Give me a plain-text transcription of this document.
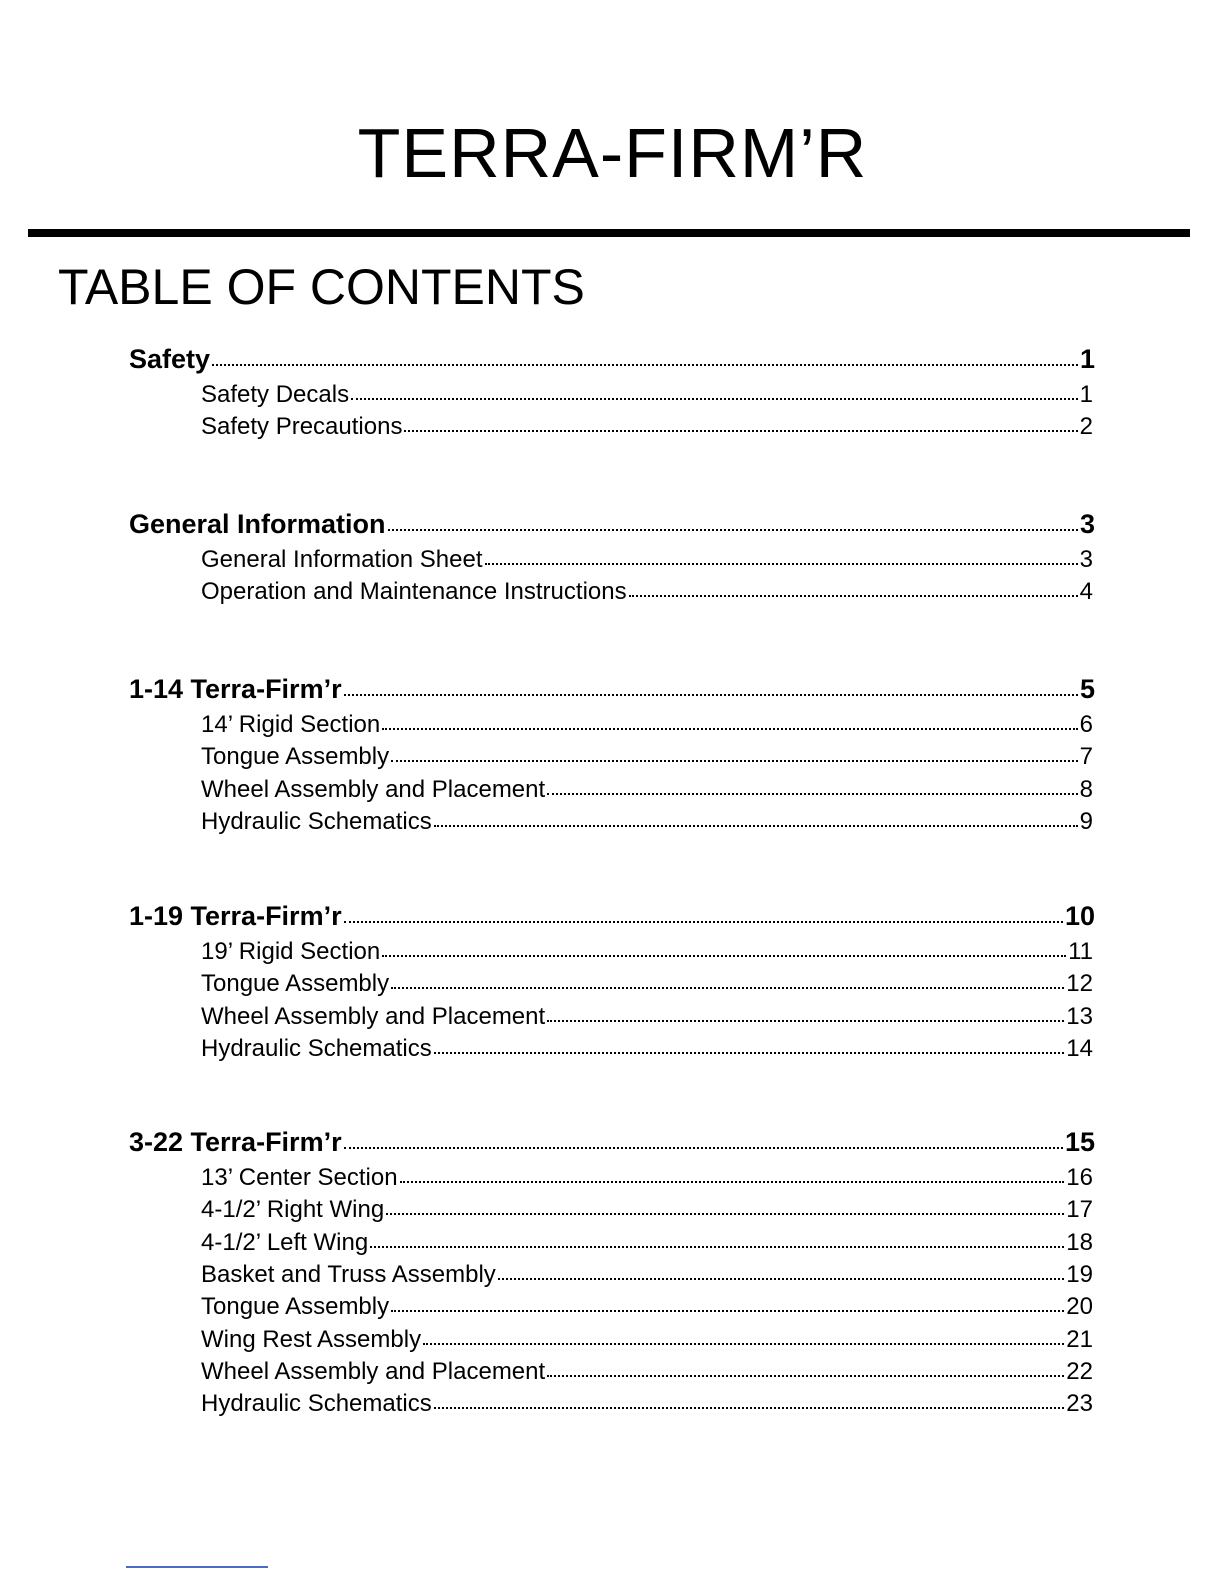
TERRA-FIRM’R
TABLE OF CONTENTS
Safety	1
Safety Decals	1
Safety Precautions	2
General Information	3
General Information Sheet	3
Operation and Maintenance Instructions	4
1-14 Terra-Firm’r	5
14’ Rigid Section	6
Tongue Assembly	7
Wheel Assembly and Placement	8
Hydraulic Schematics	9
1-19 Terra-Firm’r	10
19’ Rigid Section	11
Tongue Assembly	12
Wheel Assembly and Placement	13
Hydraulic Schematics	14
3-22 Terra-Firm’r	15
13’ Center Section	16
4-1/2’ Right Wing	17
4-1/2’ Left Wing	18
Basket and Truss Assembly	19
Tongue Assembly	20
Wing Rest Assembly	21
Wheel Assembly and Placement	22
Hydraulic Schematics	23
